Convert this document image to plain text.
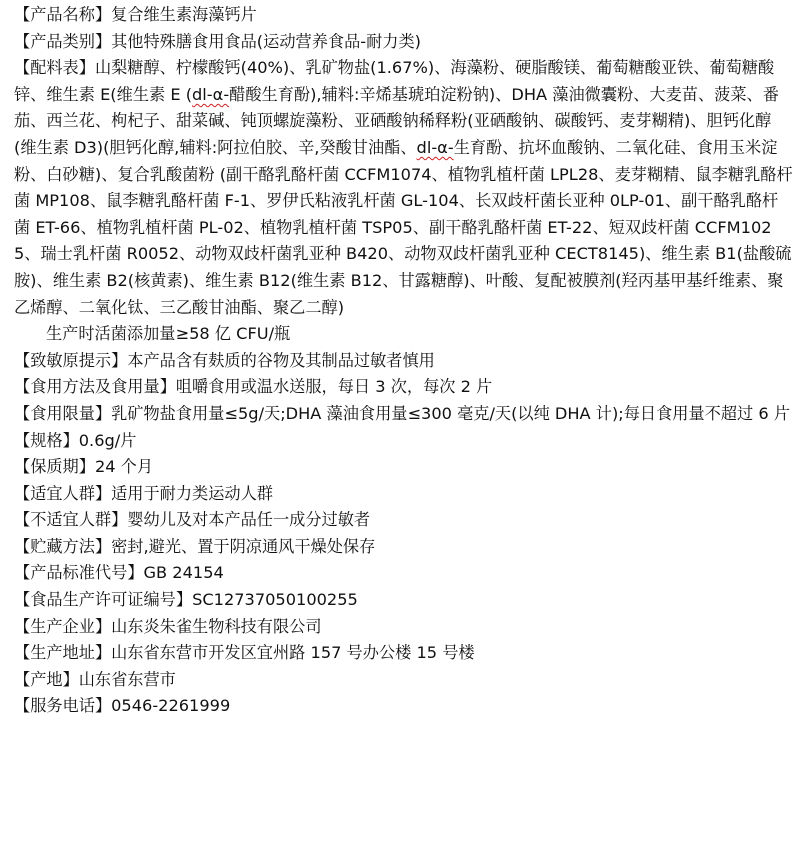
【 产品名称 】 复合维生素海藻钙片

【 产品类别 】 其他特殊膳食用食品(运动营养食品-耐力类)

【 配料表 】 山梨糖醇、柠檬酸钙(40%)、乳矿物盐(1.67%)、海藻粉、硬脂酸镁、葡萄糖酸亚铁、葡萄糖酸锌、维生素 E(维生素 E (dl-α-醋酸生育酚),辅料:辛烯基琥珀淀粉钠)、DHA 藻油微囊粉、大麦苗、菠菜、番茄、西兰花、枸杞子、甜菜碱、钝顶螺旋藻粉、亚硒酸钠稀释粉(亚硒酸钠、碳酸钙、麦芽糊精)、胆钙化醇 (维生素 D3)(胆钙化醇,辅料:阿拉伯胶、辛,癸酸甘油酯、dl-α-生育酚、抗坏血酸钠、二氧化硅、食用玉米淀粉、白砂糖)、复合乳酸菌粉 (副干酪乳酪杆菌 CCFM1074、植物乳植杆菌 LPL28、麦芽糊精、鼠李糖乳酪杆菌 MP108、鼠李糖乳酪杆菌 F-1、罗伊氏粘液乳杆菌 GL-104、长双歧杆菌长亚种 0LP-01、副干酪乳酪杆菌 ET-66、植物乳植杆菌 PL-02、植物乳植杆菌 TSP05、副干酪乳酪杆菌 ET-22、短双歧杆菌 CCFM1025、瑞士乳杆菌 R0052、动物双歧杆菌乳亚种 B420、动物双歧杆菌乳亚种 CECT8145)、维生素 B1(盐酸硫胺)、维生素 B2(核黄素)、维生素 B12(维生素 B12、甘露糖醇)、叶酸、复配被膜剂(羟丙基甲基纤维素、聚乙烯醇、二氧化钛、三乙酸甘油酯、聚乙二醇)

生产时活菌添加量≥58 亿 CFU/瓶

【 致敏原提示 】 本产品含有麸质的谷物及其制品过敏者慎用

【 食用方法及食用量 】 咀嚼食用或温水送服，每日 3 次，每次 2 片

【 食用限量 】 乳矿物盐食用量≤5g/天;DHA 藻油食用量≤300 毫克/天(以纯 DHA 计);每日食用量不超过 6 片

【 规格 】 0.6g/片

【 保质期 】 24 个月

【 适宜人群 】 适用于耐力类运动人群

【 不适宜人群 】 婴幼儿及对本产品任一成分过敏者

【 贮藏方法 】 密封,避光、置于阴凉通风干燥处保存

【 产品标准代号 】 GB 24154

【 食品生产许可证编号 】 SC12737050100255

【 生产企业 】 山东炎朱雀生物科技有限公司

【 生产地址 】 山东省东营市开发区宜州路 157 号办公楼 15 号楼

【 产地 】 山东省东营市

【 服务电话 】 0546-2261999
